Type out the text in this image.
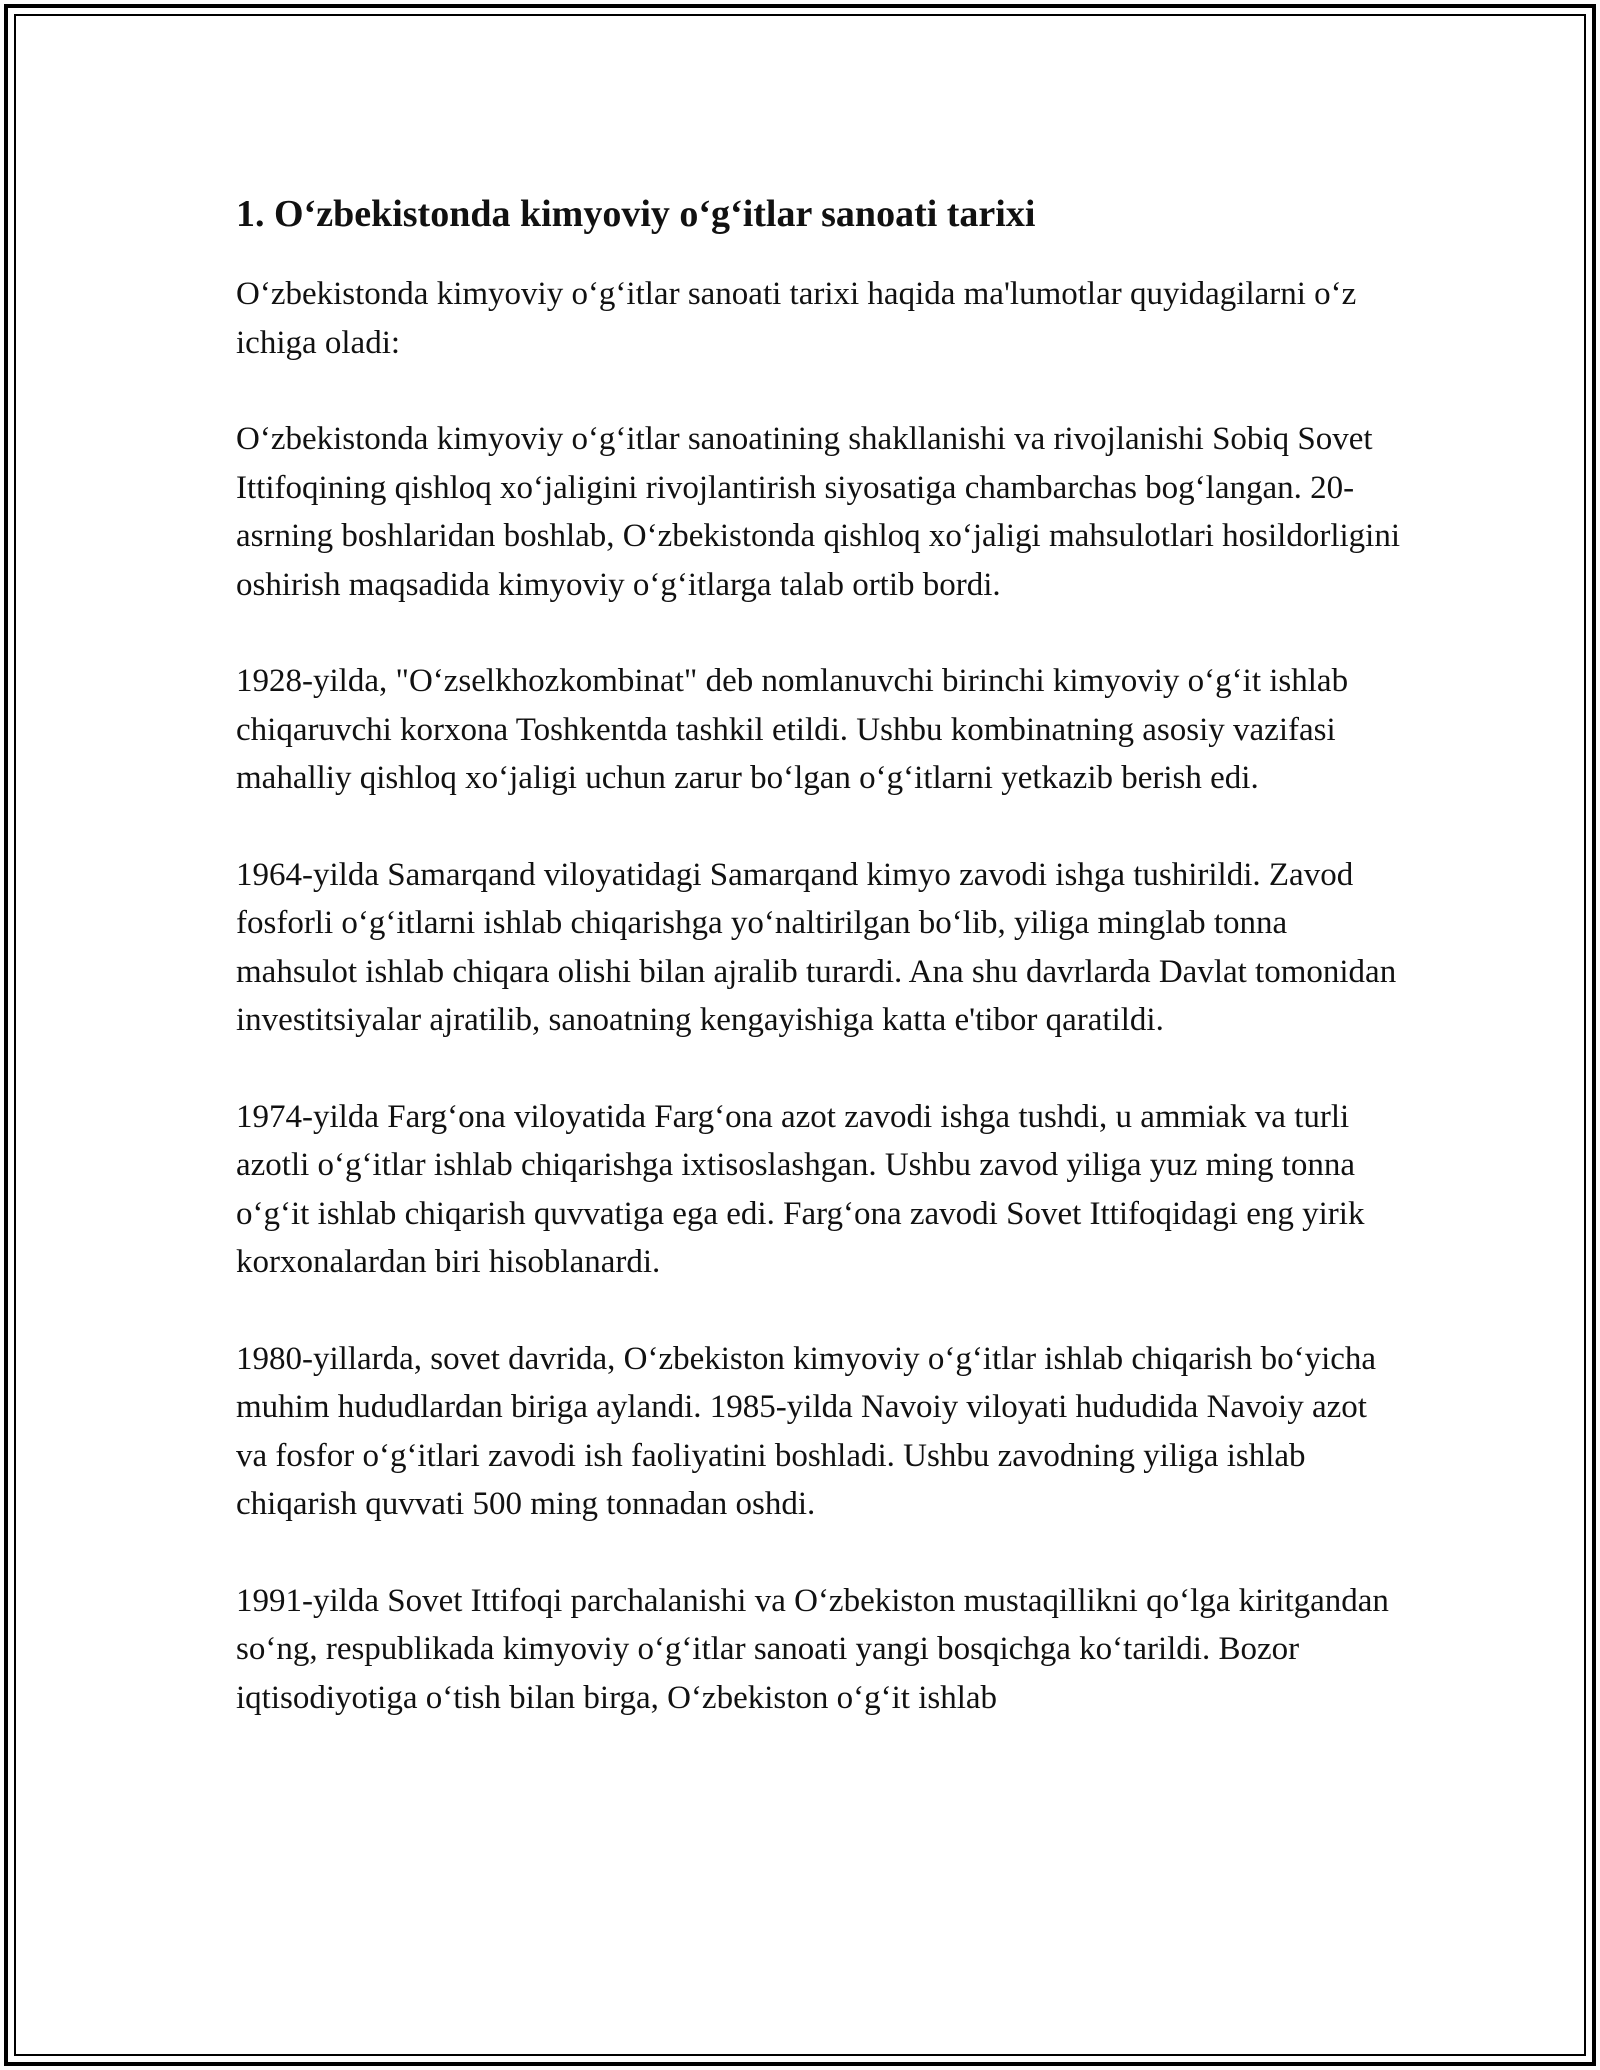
1. O‘zbekistonda kimyoviy o‘g‘itlar sanoati tarixi

O‘zbekistonda kimyoviy o‘g‘itlar sanoati tarixi haqida ma'lumotlar quyidagilarni o‘z ichiga oladi:

O‘zbekistonda kimyoviy o‘g‘itlar sanoatining shakllanishi va rivojlanishi Sobiq Sovet Ittifoqining qishloq xo‘jaligini rivojlantirish siyosatiga chambarchas bog‘langan. 20-asrning boshlaridan boshlab, O‘zbekistonda qishloq xo‘jaligi mahsulotlari hosildorligini oshirish maqsadida kimyoviy o‘g‘itlarga talab ortib bordi.

1928-yilda, "O‘zselkhozkombinat" deb nomlanuvchi birinchi kimyoviy o‘g‘it ishlab chiqaruvchi korxona Toshkentda tashkil etildi. Ushbu kombinatning asosiy vazifasi mahalliy qishloq xo‘jaligi uchun zarur bo‘lgan o‘g‘itlarni yetkazib berish edi.

1964-yilda Samarqand viloyatidagi Samarqand kimyo zavodi ishga tushirildi. Zavod fosforli o‘g‘itlarni ishlab chiqarishga yo‘naltirilgan bo‘lib, yiliga minglab tonna mahsulot ishlab chiqara olishi bilan ajralib turardi. Ana shu davrlarda Davlat tomonidan investitsiyalar ajratilib, sanoatning kengayishiga katta e'tibor qaratildi.

1974-yilda Farg‘ona viloyatida Farg‘ona azot zavodi ishga tushdi, u ammiak va turli azotli o‘g‘itlar ishlab chiqarishga ixtisoslashgan. Ushbu zavod yiliga yuz ming tonna o‘g‘it ishlab chiqarish quvvatiga ega edi. Farg‘ona zavodi Sovet Ittifoqidagi eng yirik korxonalardan biri hisoblanardi.

1980-yillarda, sovet davrida, O‘zbekiston kimyoviy o‘g‘itlar ishlab chiqarish bo‘yicha muhim hududlardan biriga aylandi. 1985-yilda Navoiy viloyati hududida Navoiy azot va fosfor o‘g‘itlari zavodi ish faoliyatini boshladi. Ushbu zavodning yiliga ishlab chiqarish quvvati 500 ming tonnadan oshdi.

1991-yilda Sovet Ittifoqi parchalanishi va O‘zbekiston mustaqillikni qo‘lga kiritgandan so‘ng, respublikada kimyoviy o‘g‘itlar sanoati yangi bosqichga ko‘tarildi. Bozor iqtisodiyotiga o‘tish bilan birga, O‘zbekiston o‘g‘it ishlab
